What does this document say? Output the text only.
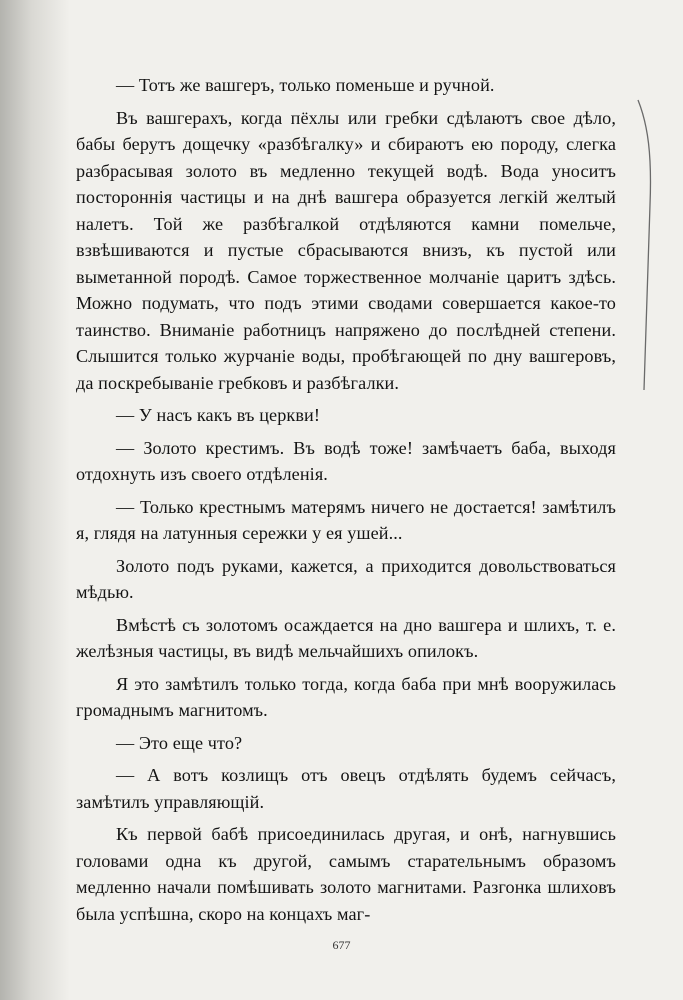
— Тотъ же вашгеръ, только поменьше и ручной.

Въ вашгерахъ, когда пёхлы или гребки сдѣлаютъ свое дѣло, бабы берутъ дощечку «разбѣгалку» и сбираютъ ею породу, слегка разбрасывая золото въ медленно текущей водѣ. Вода уноситъ постороннія частицы и на днѣ вашгера образуется легкій желтый налетъ. Той же разбѣгалкой отдѣляются камни помельче, взвѣшиваются и пустые сбрасываются внизъ, къ пустой или выметанной породѣ. Самое торжественное молчаніе царитъ здѣсь. Можно подумать, что подъ этими сводами совершается какое-то таинство. Вниманіе работницъ напряжено до послѣдней степени. Слышится только журчаніе воды, пробѣгающей по дну вашгеровъ, да поскребываніе гребковъ и разбѣгалки.

— У насъ какъ въ церкви!

— Золото крестимъ. Въ водѣ тоже! замѣчаетъ баба, выходя отдохнуть изъ своего отдѣленія.

— Только крестнымъ матерямъ ничего не достается! замѣтилъ я, глядя на латунныя сережки у ея ушей...

Золото подъ руками, кажется, а приходится довольствоваться мѣдью.

Вмѣстѣ съ золотомъ осаждается на дно вашгера и шлихъ, т. е. желѣзныя частицы, въ видѣ мельчайшихъ опилокъ.

Я это замѣтилъ только тогда, когда баба при мнѣ вооружилась громаднымъ магнитомъ.

— Это еще что?

— А вотъ козлищъ отъ овецъ отдѣлять будемъ сейчасъ, замѣтилъ управляющій.

Къ первой бабѣ присоединилась другая, и онѣ, нагнувшись головами одна къ другой, самымъ старательнымъ образомъ медленно начали помѣшивать золото магнитами. Разгонка шлиховъ была успѣшна, скоро на концахъ маг-

677
